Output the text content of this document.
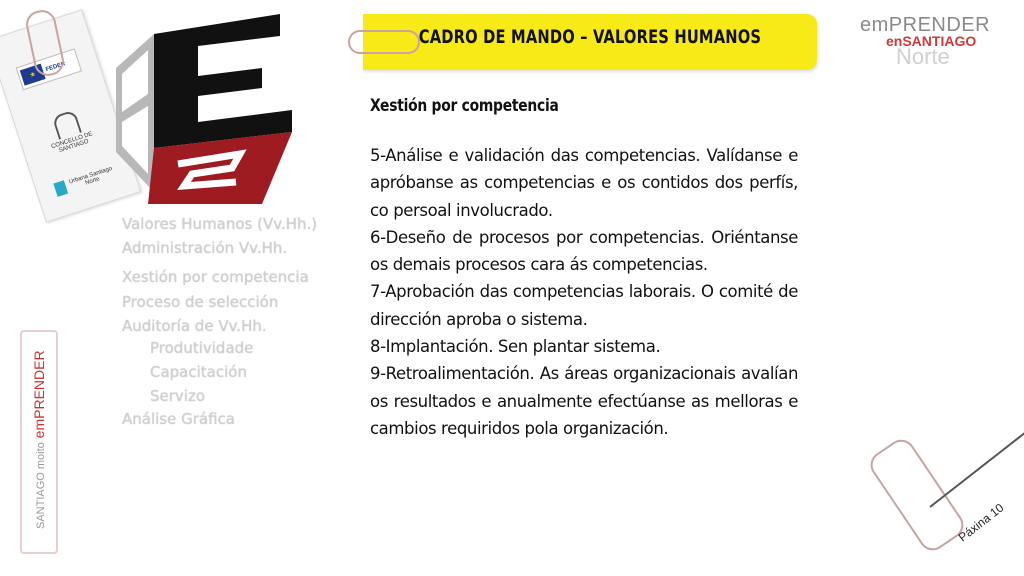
★
FEDER
CONCELLO DE SANTIAGO
Urbana Santiago Norte
Valores Humanos (Vv.Hh.)
Administración Vv.Hh.
Xestión por competencia
Proceso de selección
Auditoría de Vv.Hh.
Produtividade
Capacitación
Servizo
Análise Gráfica
SANTIAGO moito emPRENDER
CADRO DE MANDO – VALORES HUMANOS
emPRENDER
enSANTIAGO
Norte
Xestión por competencia

5-Análise e validación das competencias. Valídanse e apróbanse as competencias e os contidos dos perfís, co persoal involucrado.

6-Deseño de procesos por competencias. Oriéntanse os demais procesos cara ás competencias.

7-Aprobación das competencias laborais. O comité de dirección aproba o sistema.

8-Implantación. Sen plantar sistema.

9-Retroalimentación. As áreas organizacionais avalían os resultados e anualmente efectúanse as melloras e cambios requiridos pola organización.

Páxina 10
